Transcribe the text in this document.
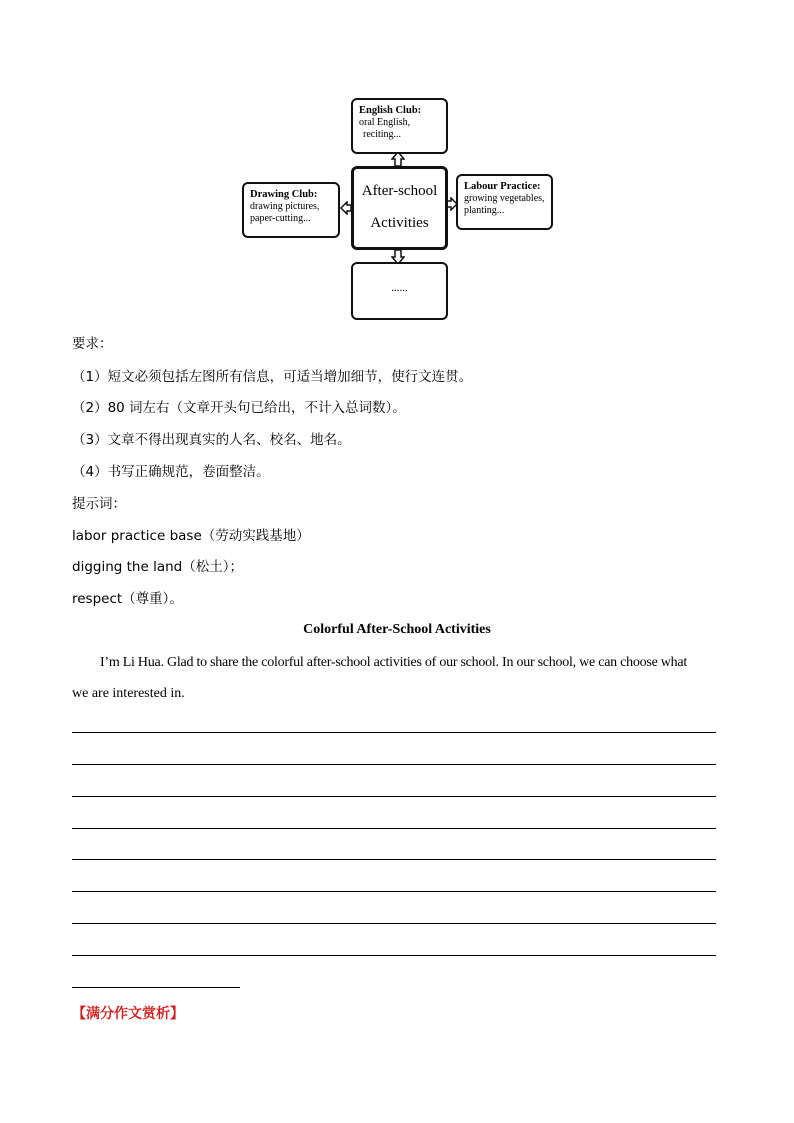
English Club:
oral English,
reciting...
Drawing Club:
drawing pictures,
paper-cutting...
Labour Practice:
growing vegetables,
planting...
After-school
Activities
......
要求：
（1）短文必须包括左图所有信息，可适当增加细节，使行文连贯。
（2）80 词左右（文章开头句已给出，不计入总词数）。
（3）文章不得出现真实的人名、校名、地名。
（4）书写正确规范，卷面整洁。
提示词：
labor practice base（劳动实践基地）
digging the land（松土）；
respect（尊重）。
Colorful After-School Activities
I’m Li Hua. Glad to share the colorful after-school activities of our school. In our school, we can choose what
we are interested in.
【满分作文赏析】
